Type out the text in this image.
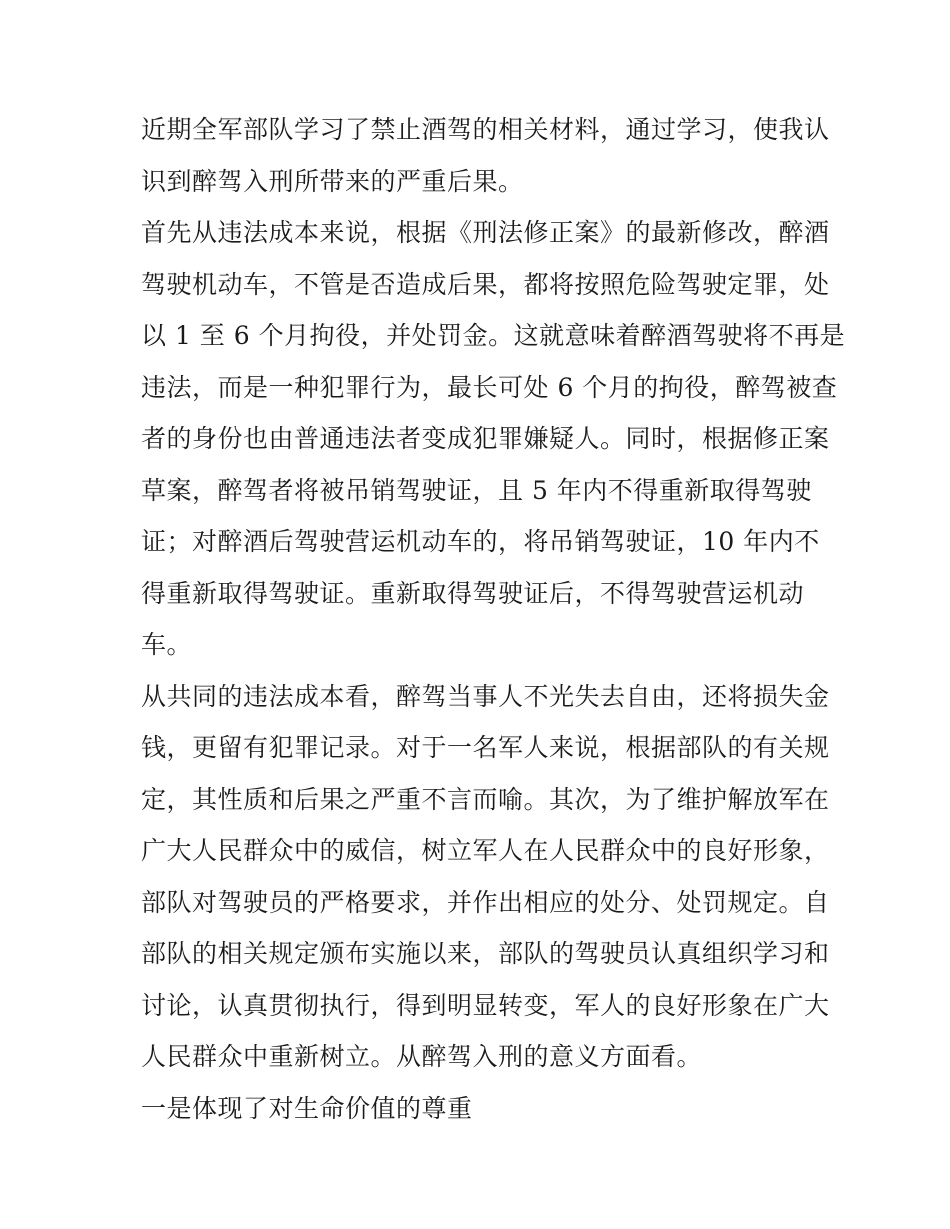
近期全军部队学习了禁止酒驾的相关材料，通过学习，使我认
识到醉驾入刑所带来的严重后果。

首先从违法成本来说，根据《刑法修正案》的最新修改，醉酒
驾驶机动车，不管是否造成后果，都将按照危险驾驶定罪，处
以 1 至 6 个月拘役，并处罚金。这就意味着醉酒驾驶将不再是
违法，而是一种犯罪行为，最长可处 6 个月的拘役，醉驾被查
者的身份也由普通违法者变成犯罪嫌疑人。同时，根据修正案
草案，醉驾者将被吊销驾驶证，且 5 年内不得重新取得驾驶
证；对醉酒后驾驶营运机动车的，将吊销驾驶证，10 年内不
得重新取得驾驶证。重新取得驾驶证后，不得驾驶营运机动
车。

从共同的违法成本看，醉驾当事人不光失去自由，还将损失金
钱，更留有犯罪记录。对于一名军人来说，根据部队的有关规
定，其性质和后果之严重不言而喻。其次，为了维护解放军在
广大人民群众中的威信，树立军人在人民群众中的良好形象，
部队对驾驶员的严格要求，并作出相应的处分、处罚规定。自
部队的相关规定颁布实施以来，部队的驾驶员认真组织学习和
讨论，认真贯彻执行，得到明显转变，军人的良好形象在广大
人民群众中重新树立。从醉驾入刑的意义方面看。

一是体现了对生命价值的尊重
